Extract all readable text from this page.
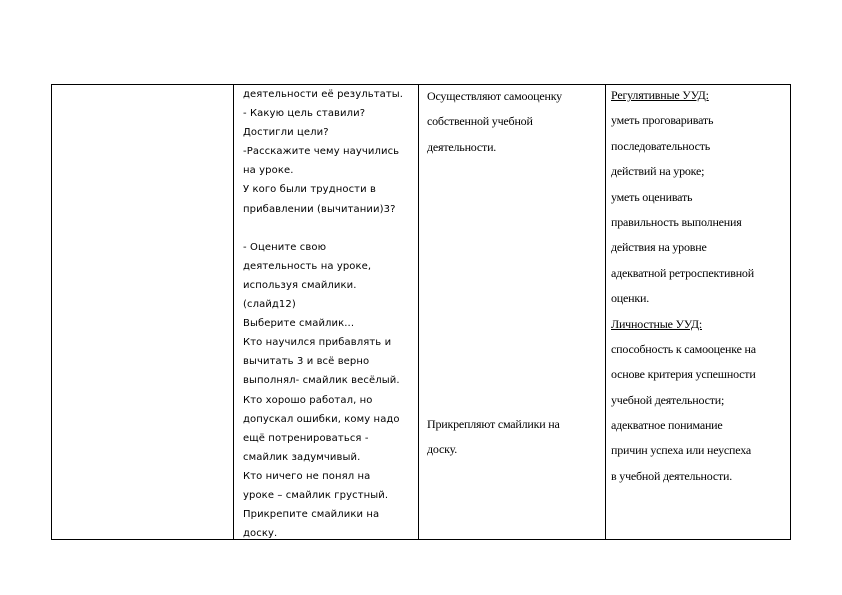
деятельности её результаты.
- Какую цель ставили?
Достигли цели?
-Расскажите чему научились
на уроке.
У кого были трудности в
прибавлении (вычитании)3?
- Оцените свою
деятельность на уроке,
используя смайлики.
(слайд12)
Выберите смайлик...
Кто научился прибавлять и
вычитать 3 и всё верно
выполнял- смайлик весёлый.
Кто хорошо работал, но
допускал ошибки, кому надо
ещё потренироваться -
смайлик задумчивый.
Кто ничего не понял на
уроке – смайлик грустный.
Прикрепите смайлики на
доску.
Осуществляют самооценку
собственной учебной
деятельности.
Прикрепляют смайлики на
доску.
Регулятивные УУД:
уметь проговаривать
последовательность
действий на уроке;
уметь оценивать
правильность выполнения
действия на уровне
адекватной ретроспективной
оценки.
Личностные УУД:
способность к самооценке на
основе критерия успешности
учебной деятельности;
адекватное понимание
причин успеха или неуспеха
в учебной деятельности.
